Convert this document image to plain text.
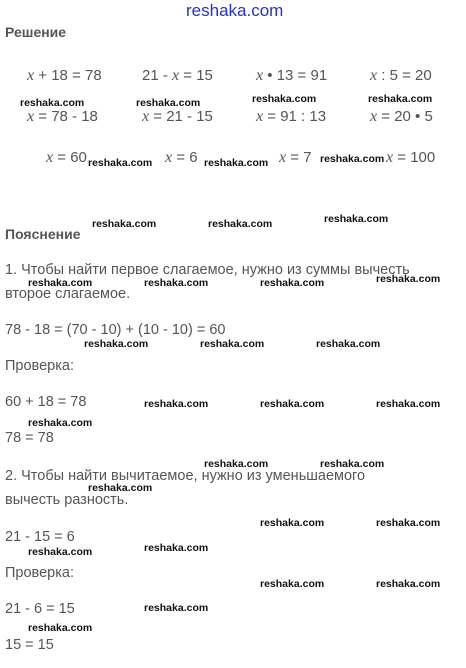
reshaka.com
Решение
x + 18 = 78	21 - x = 15	x • 13 = 91	x : 5 = 20
x = 78 - 18	x = 21 - 15	x = 91 : 13	x = 20 • 5
x = 60	x = 6	x = 7	x = 100
Пояснение
1. Чтобы найти первое слагаемое, нужно из суммы вычесть
второе слагаемое.
78 - 18 = (70 - 10) + (10 - 10) = 60
Проверка:
60 + 18 = 78
78 = 78
2. Чтобы найти вычитаемое, нужно из уменьшаемого
вычесть разность.
21 - 15 = 6
Проверка:
21 - 6 = 15
15 = 15
reshaka.com	reshaka.com	reshaka.com	reshaka.com
reshaka.com	reshaka.com	reshaka.com
reshaka.com	reshaka.com	reshaka.com
reshaka.com	reshaka.com	reshaka.com	reshaka.com
reshaka.com	reshaka.com	reshaka.com
reshaka.com	reshaka.com	reshaka.com
reshaka.com
reshaka.com	reshaka.com
reshaka.com
reshaka.com	reshaka.com
reshaka.com
reshaka.com
reshaka.com	reshaka.com
reshaka.com
reshaka.com
